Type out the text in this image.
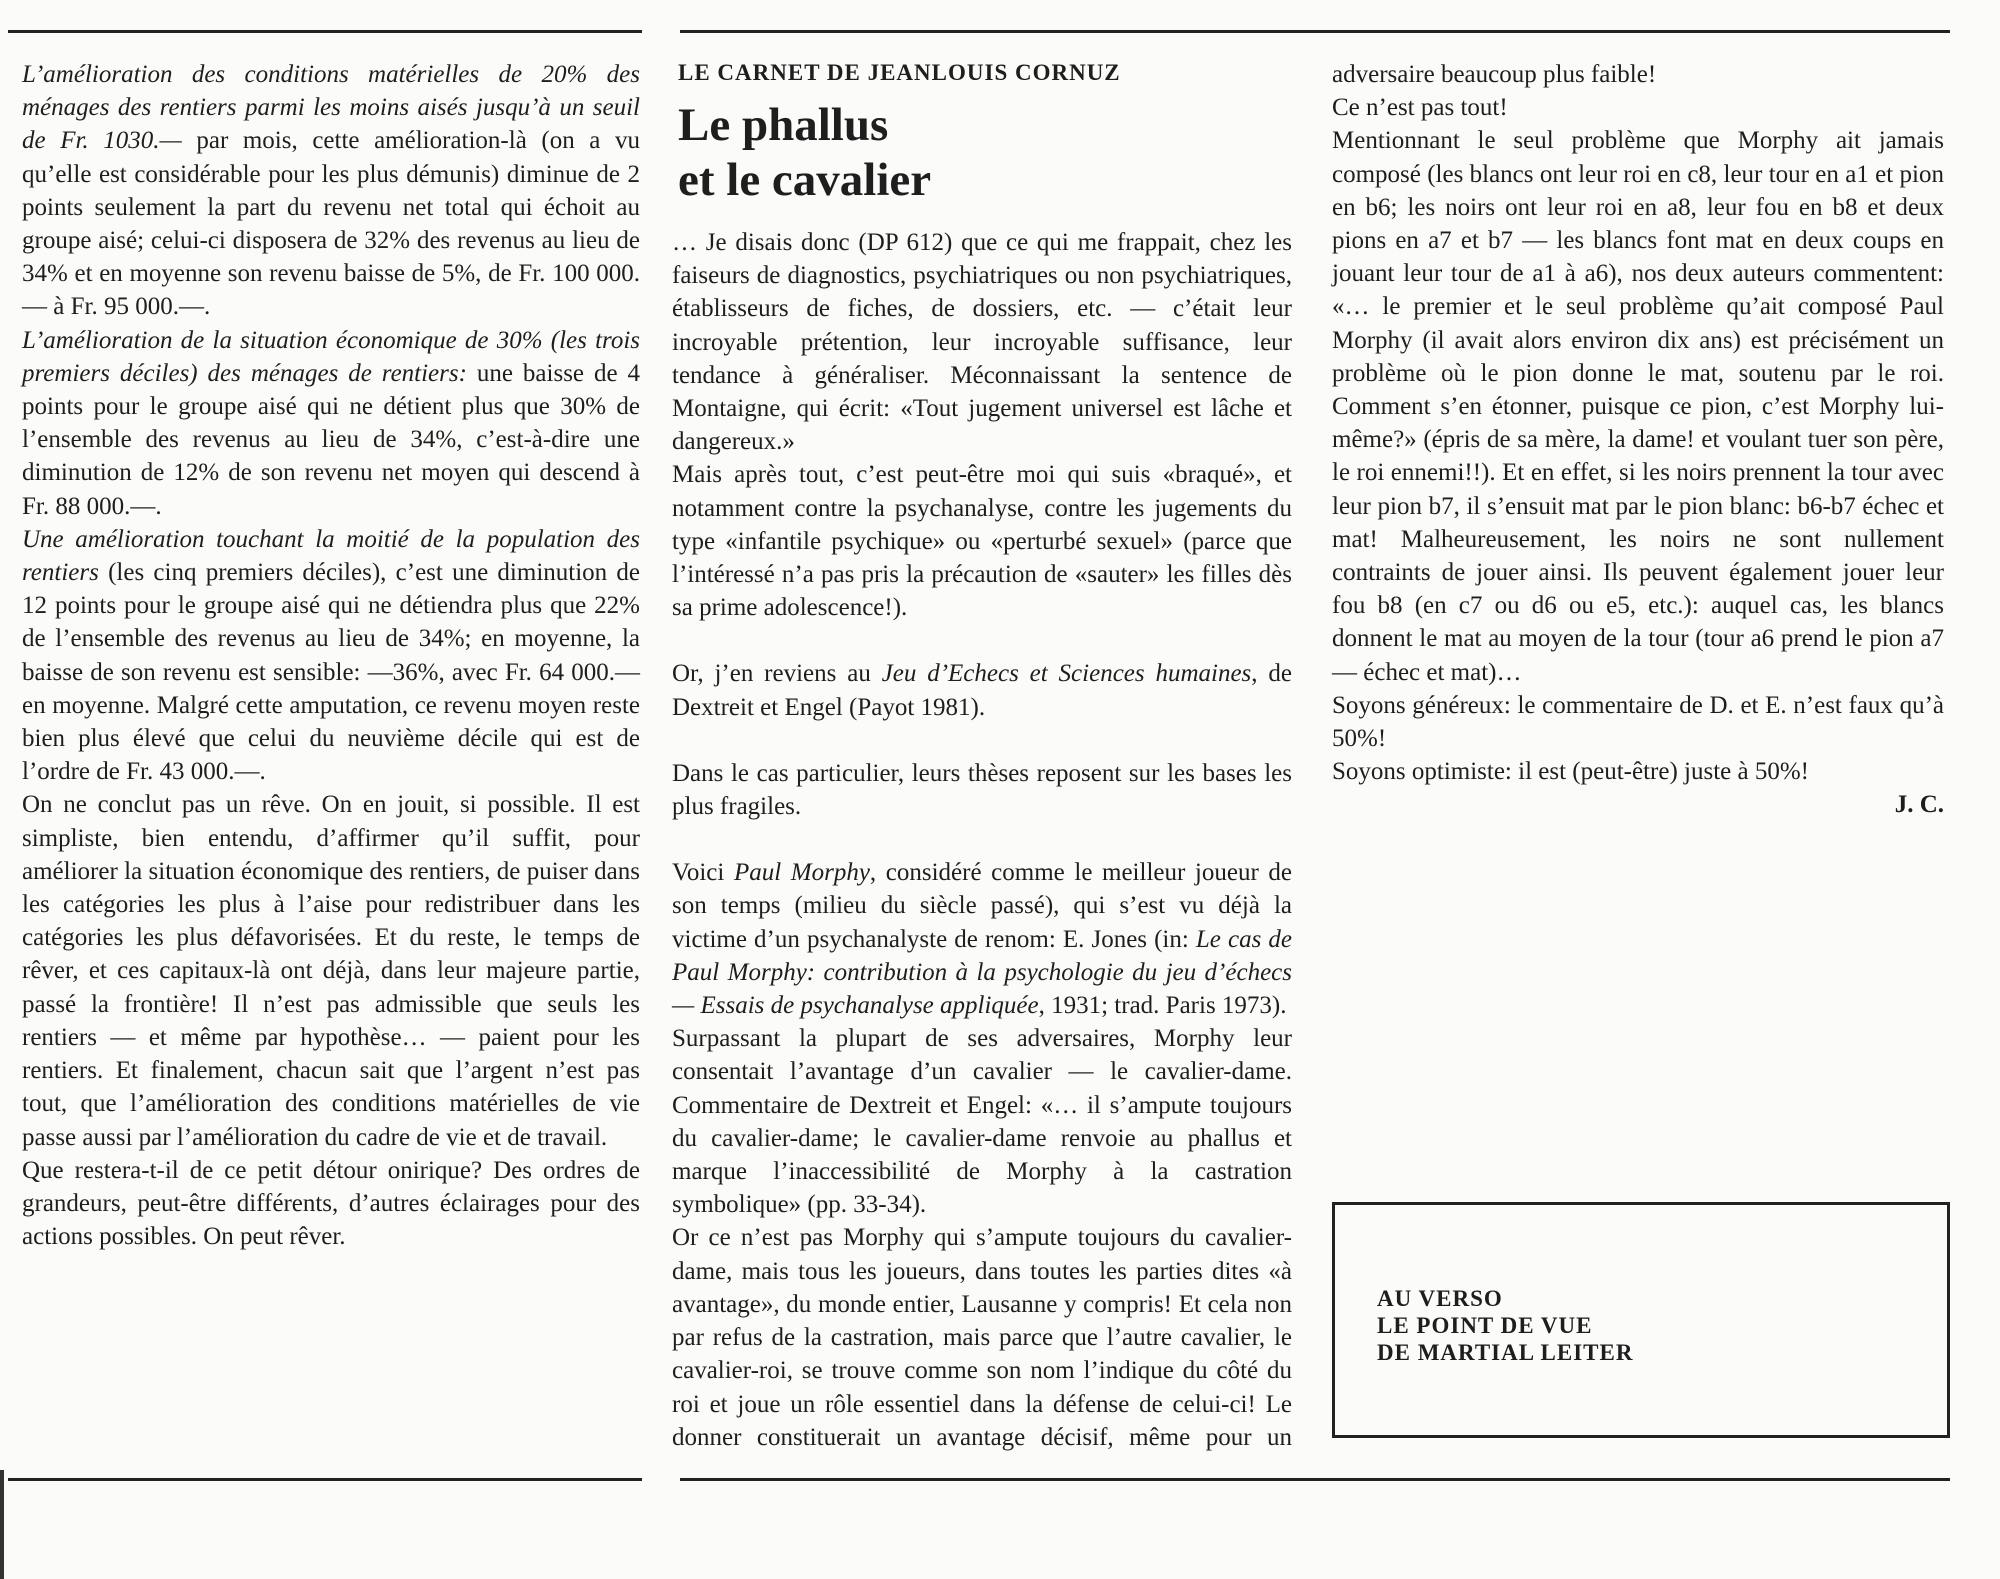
L’amélioration des conditions matérielles de 20% des ménages des rentiers parmi les moins aisés jusqu’à un seuil de Fr. 1030.— par mois, cette amélioration-là (on a vu qu’elle est considérable pour les plus démunis) diminue de 2 points seulement la part du revenu net total qui échoit au groupe aisé; celui-ci disposera de 32% des revenus au lieu de 34% et en moyenne son revenu baisse de 5%, de Fr. 100 000.— à Fr. 95 000.—.

L’amélioration de la situation économique de 30% (les trois premiers déciles) des ménages de rentiers: une baisse de 4 points pour le groupe aisé qui ne détient plus que 30% de l’ensemble des revenus au lieu de 34%, c’est-à-dire une diminution de 12% de son revenu net moyen qui descend à Fr. 88 000.—.

Une amélioration touchant la moitié de la population des rentiers (les cinq premiers déciles), c’est une diminution de 12 points pour le groupe aisé qui ne détiendra plus que 22% de l’ensemble des revenus au lieu de 34%; en moyenne, la baisse de son revenu est sensible: —36%, avec Fr. 64 000.— en moyenne. Malgré cette amputation, ce revenu moyen reste bien plus élevé que celui du neuvième décile qui est de l’ordre de Fr. 43 000.—.

On ne conclut pas un rêve. On en jouit, si possible. Il est simpliste, bien entendu, d’affirmer qu’il suffit, pour améliorer la situation économique des rentiers, de puiser dans les catégories les plus à l’aise pour redistribuer dans les catégories les plus défavorisées. Et du reste, le temps de rêver, et ces capitaux-là ont déjà, dans leur majeure partie, passé la frontière! Il n’est pas admissible que seuls les rentiers — et même par hypothèse… — paient pour les rentiers. Et finalement, chacun sait que l’argent n’est pas tout, que l’amélioration des conditions matérielles de vie passe aussi par l’amélioration du cadre de vie et de travail.

Que restera-t-il de ce petit détour onirique? Des ordres de grandeurs, peut-être différents, d’autres éclairages pour des actions possibles. On peut rêver.

LE CARNET DE JEANLOUIS CORNUZ
Le phallus
et le cavalier

… Je disais donc (DP 612) que ce qui me frappait, chez les faiseurs de diagnostics, psychiatriques ou non psychiatriques, établisseurs de fiches, de dossiers, etc. — c’était leur incroyable prétention, leur incroyable suffisance, leur tendance à généraliser. Méconnaissant la sentence de Montaigne, qui écrit: «Tout jugement universel est lâche et dangereux.»

Mais après tout, c’est peut-être moi qui suis «braqué», et notamment contre la psychanalyse, contre les jugements du type «infantile psychique» ou «perturbé sexuel» (parce que l’intéressé n’a pas pris la précaution de «sauter» les filles dès sa prime adolescence!).

Or, j’en reviens au Jeu d’Echecs et Sciences humaines, de Dextreit et Engel (Payot 1981).

Dans le cas particulier, leurs thèses reposent sur les bases les plus fragiles.

Voici Paul Morphy, considéré comme le meilleur joueur de son temps (milieu du siècle passé), qui s’est vu déjà la victime d’un psychanalyste de renom: E. Jones (in: Le cas de Paul Morphy: contribution à la psychologie du jeu d’échecs — Essais de psychanalyse appliquée, 1931; trad. Paris 1973).

Surpassant la plupart de ses adversaires, Morphy leur consentait l’avantage d’un cavalier — le cavalier-dame. Commentaire de Dextreit et Engel: «… il s’ampute toujours du cavalier-dame; le cavalier-dame renvoie au phallus et marque l’inaccessibilité de Morphy à la castration symbolique» (pp. 33-34).

Or ce n’est pas Morphy qui s’ampute toujours du cavalier-dame, mais tous les joueurs, dans toutes les parties dites «à avantage», du monde entier, Lausanne y compris! Et cela non par refus de la castration, mais parce que l’autre cavalier, le cavalier-roi, se trouve comme son nom l’indique du côté du roi et joue un rôle essentiel dans la défense de celui-ci! Le donner constituerait un avantage décisif, même pour un

adversaire beaucoup plus faible!

Ce n’est pas tout!

Mentionnant le seul problème que Morphy ait jamais composé (les blancs ont leur roi en c8, leur tour en a1 et pion en b6; les noirs ont leur roi en a8, leur fou en b8 et deux pions en a7 et b7 — les blancs font mat en deux coups en jouant leur tour de a1 à a6), nos deux auteurs commentent: «… le premier et le seul problème qu’ait composé Paul Morphy (il avait alors environ dix ans) est précisément un problème où le pion donne le mat, soutenu par le roi. Comment s’en étonner, puisque ce pion, c’est Morphy lui-même?» (épris de sa mère, la dame! et voulant tuer son père, le roi ennemi!!). Et en effet, si les noirs prennent la tour avec leur pion b7, il s’ensuit mat par le pion blanc: b6-b7 échec et mat! Malheureusement, les noirs ne sont nullement contraints de jouer ainsi. Ils peuvent également jouer leur fou b8 (en c7 ou d6 ou e5, etc.): auquel cas, les blancs donnent le mat au moyen de la tour (tour a6 prend le pion a7 — échec et mat)…

Soyons généreux: le commentaire de D. et E. n’est faux qu’à 50%!

Soyons optimiste: il est (peut-être) juste à 50%!

J. C.

AU VERSO
LE POINT DE VUE
DE MARTIAL LEITER
